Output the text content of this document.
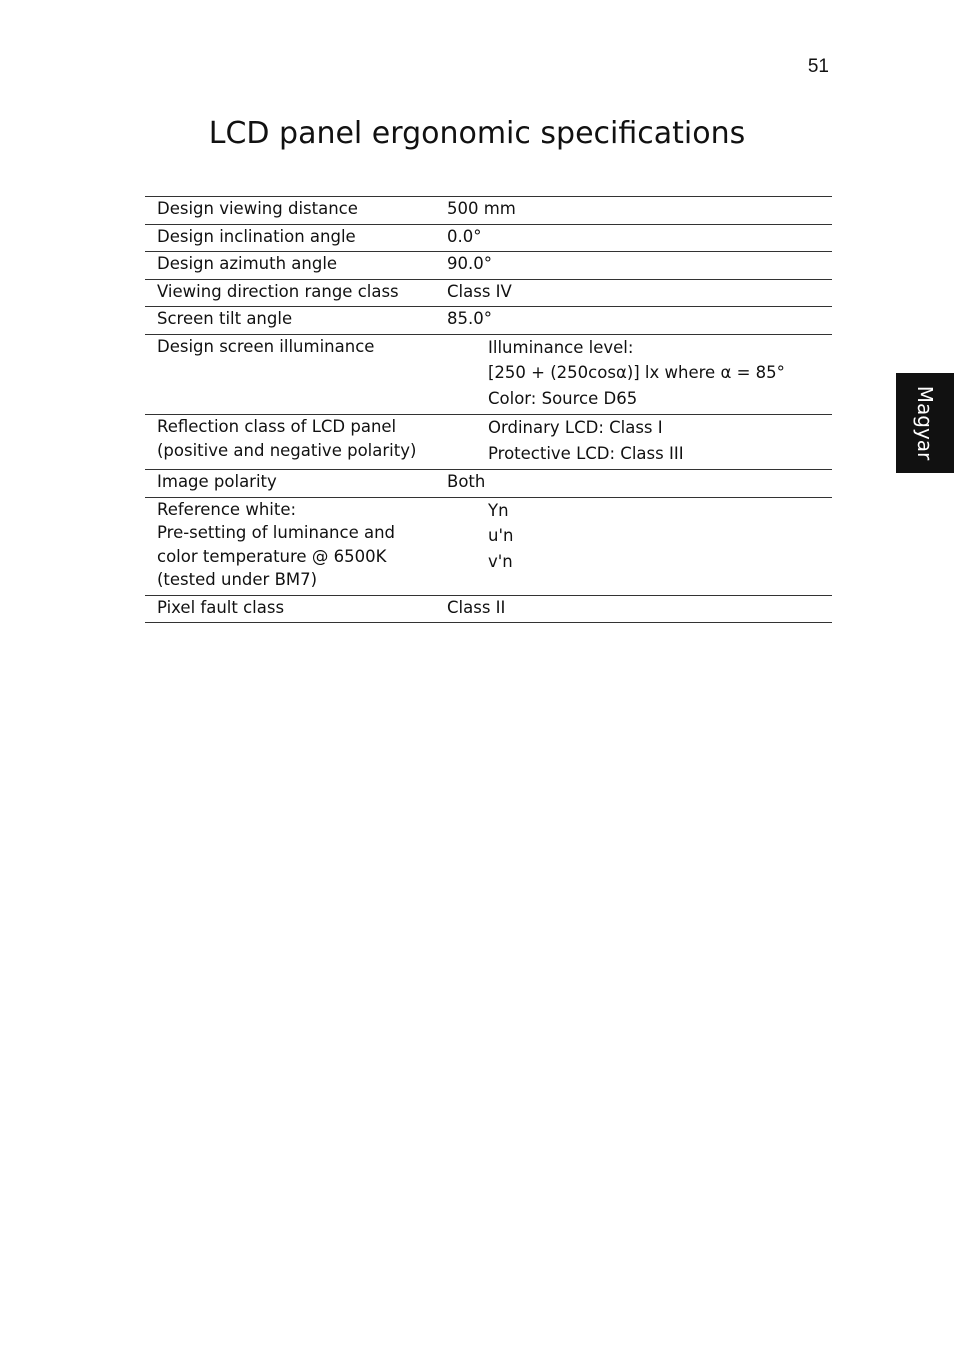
51
LCD panel ergonomic specifications
Magyar
Design viewing distance	500 mm

Design inclination angle	0.0°

Design azimuth angle	90.0°

Viewing direction range class	Class IV

Screen tilt angle	85.0°

Design screen illuminance	Illuminance level:
[250 + (250cosα)] lx where α = 85°
Color: Source D65

Reflection class of LCD panel
(positive and negative polarity)	Ordinary LCD: Class I
Protective LCD: Class III

Image polarity	Both

Reference white:
Pre-setting of luminance and
color temperature @ 6500K
(tested under BM7)	Yn
u'n
v'n

Pixel fault class	Class II
